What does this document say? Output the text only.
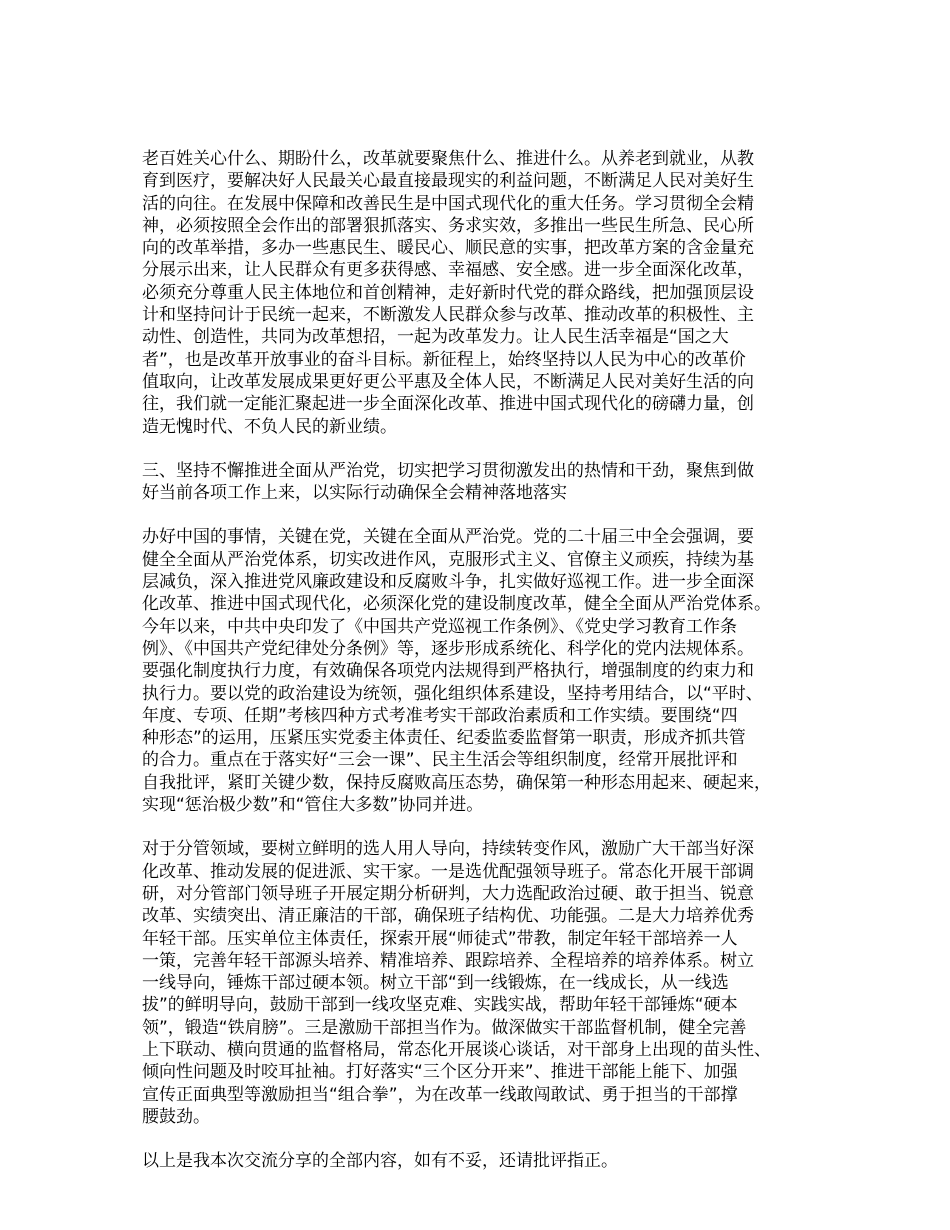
老百姓关心什么、期盼什么，改革就要聚焦什么、推进什么。从养老到就业，从教
育到医疗，要解决好人民最关心最直接最现实的利益问题，不断满足人民对美好生
活的向往。在发展中保障和改善民生是中国式现代化的重大任务。学习贯彻全会精
神，必须按照全会作出的部署狠抓落实、务求实效，多推出一些民生所急、民心所
向的改革举措，多办一些惠民生、暖民心、顺民意的实事，把改革方案的含金量充
分展示出来，让人民群众有更多获得感、幸福感、安全感。进一步全面深化改革，
必须充分尊重人民主体地位和首创精神，走好新时代党的群众路线，把加强顶层设
计和坚持问计于民统一起来，不断激发人民群众参与改革、推动改革的积极性、主
动性、创造性，共同为改革想招，一起为改革发力。让人民生活幸福是“国之大
者”，也是改革开放事业的奋斗目标。新征程上，始终坚持以人民为中心的改革价
值取向，让改革发展成果更好更公平惠及全体人民，不断满足人民对美好生活的向
往，我们就一定能汇聚起进一步全面深化改革、推进中国式现代化的磅礴力量，创
造无愧时代、不负人民的新业绩。
三、坚持不懈推进全面从严治党，切实把学习贯彻激发出的热情和干劲，聚焦到做
好当前各项工作上来，以实际行动确保全会精神落地落实
办好中国的事情，关键在党，关键在全面从严治党。党的二十届三中全会强调，要
健全全面从严治党体系，切实改进作风，克服形式主义、官僚主义顽疾，持续为基
层减负，深入推进党风廉政建设和反腐败斗争，扎实做好巡视工作。进一步全面深
化改革、推进中国式现代化，必须深化党的建设制度改革，健全全面从严治党体系。
今年以来，中共中央印发了《中国共产党巡视工作条例》、《党史学习教育工作条
例》、《中国共产党纪律处分条例》等，逐步形成系统化、科学化的党内法规体系。
要强化制度执行力度，有效确保各项党内法规得到严格执行，增强制度的约束力和
执行力。要以党的政治建设为统领，强化组织体系建设，坚持考用结合，以“平时、
年度、专项、任期”考核四种方式考准考实干部政治素质和工作实绩。要围绕“四
种形态”的运用，压紧压实党委主体责任、纪委监委监督第一职责，形成齐抓共管
的合力。重点在于落实好“三会一课”、民主生活会等组织制度，经常开展批评和
自我批评，紧盯关键少数，保持反腐败高压态势，确保第一种形态用起来、硬起来，
实现“惩治极少数”和“管住大多数”协同并进。
对于分管领域，要树立鲜明的选人用人导向，持续转变作风，激励广大干部当好深
化改革、推动发展的促进派、实干家。一是选优配强领导班子。常态化开展干部调
研，对分管部门领导班子开展定期分析研判，大力选配政治过硬、敢于担当、锐意
改革、实绩突出、清正廉洁的干部，确保班子结构优、功能强。二是大力培养优秀
年轻干部。压实单位主体责任，探索开展“师徒式”带教，制定年轻干部培养一人
一策，完善年轻干部源头培养、精准培养、跟踪培养、全程培养的培养体系。树立
一线导向，锤炼干部过硬本领。树立干部“到一线锻炼，在一线成长，从一线选
拔”的鲜明导向，鼓励干部到一线攻坚克难、实践实战，帮助年轻干部锤炼“硬本
领”，锻造“铁肩膀”。三是激励干部担当作为。做深做实干部监督机制，健全完善
上下联动、横向贯通的监督格局，常态化开展谈心谈话，对干部身上出现的苗头性、
倾向性问题及时咬耳扯袖。打好落实“三个区分开来”、推进干部能上能下、加强
宣传正面典型等激励担当“组合拳”，为在改革一线敢闯敢试、勇于担当的干部撑
腰鼓劲。
以上是我本次交流分享的全部内容，如有不妥，还请批评指正。
